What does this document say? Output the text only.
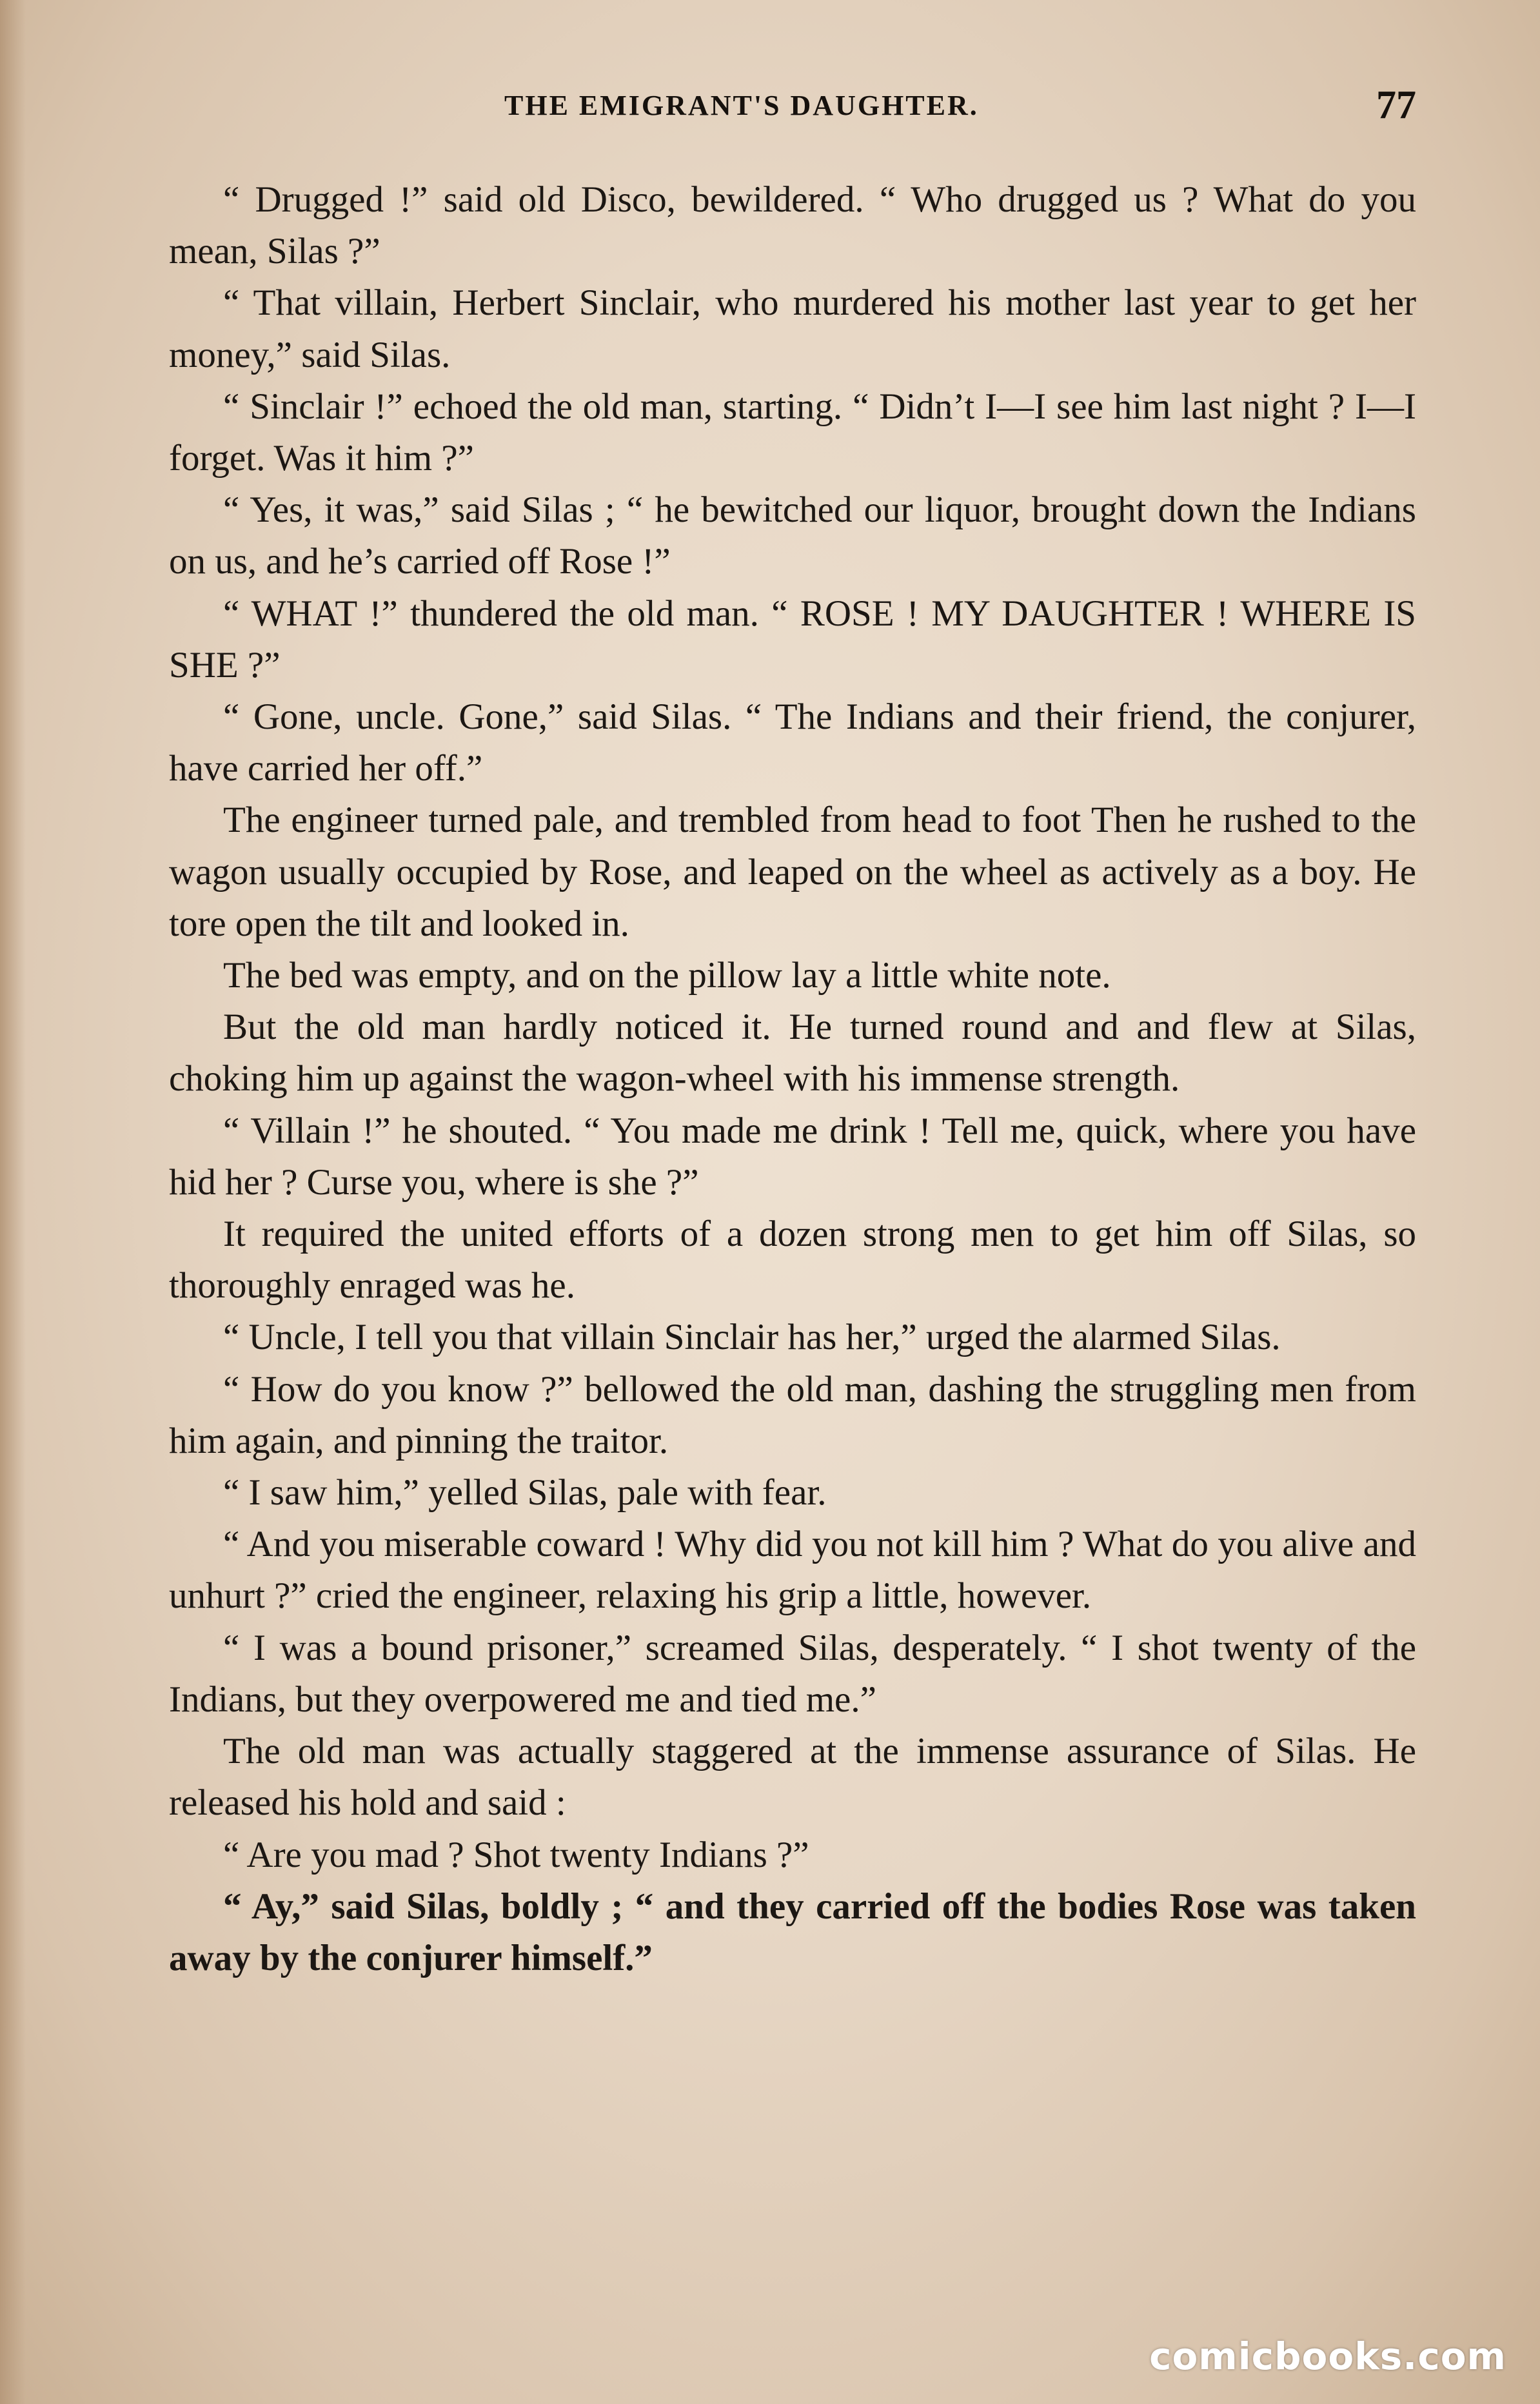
THE EMIGRANT'S DAUGHTER.	77

“ Drugged !” said old Disco, bewildered. “ Who drugged us ? What do you mean, Silas ?”

“ That villain, Herbert Sinclair, who murdered his mother last year to get her money,” said Silas.

“ Sinclair !” echoed the old man, starting. “ Didn’t I—I see him last night ? I—I forget. Was it him ?”

“ Yes, it was,” said Silas ; “ he bewitched our liquor, brought down the Indians on us, and he’s carried off Rose !”

“ WHAT !” thundered the old man. “ ROSE ! MY DAUGHTER ! WHERE IS SHE ?”

“ Gone, uncle. Gone,” said Silas. “ The Indians and their friend, the conjurer, have carried her off.”

The engineer turned pale, and trembled from head to foot Then he rushed to the wagon usually occupied by Rose, and leaped on the wheel as actively as a boy. He tore open the tilt and looked in.

The bed was empty, and on the pillow lay a little white note.

But the old man hardly noticed it. He turned round and and flew at Silas, choking him up against the wagon-wheel with his immense strength.

“ Villain !” he shouted. “ You made me drink ! Tell me, quick, where you have hid her ? Curse you, where is she ?”

It required the united efforts of a dozen strong men to get him off Silas, so thoroughly enraged was he.

“ Uncle, I tell you that villain Sinclair has her,” urged the alarmed Silas.

“ How do you know ?” bellowed the old man, dashing the struggling men from him again, and pinning the traitor.

“ I saw him,” yelled Silas, pale with fear.

“ And you miserable coward ! Why did you not kill him ? What do you alive and unhurt ?” cried the engineer, relaxing his grip a little, however.

“ I was a bound prisoner,” screamed Silas, desperately. “ I shot twenty of the Indians, but they overpowered me and tied me.”

The old man was actually staggered at the immense assurance of Silas. He released his hold and said :

“ Are you mad ? Shot twenty Indians ?”

“ Ay,” said Silas, boldly ; “ and they carried off the bodies Rose was taken away by the conjurer himself.”

comicbooks.com
